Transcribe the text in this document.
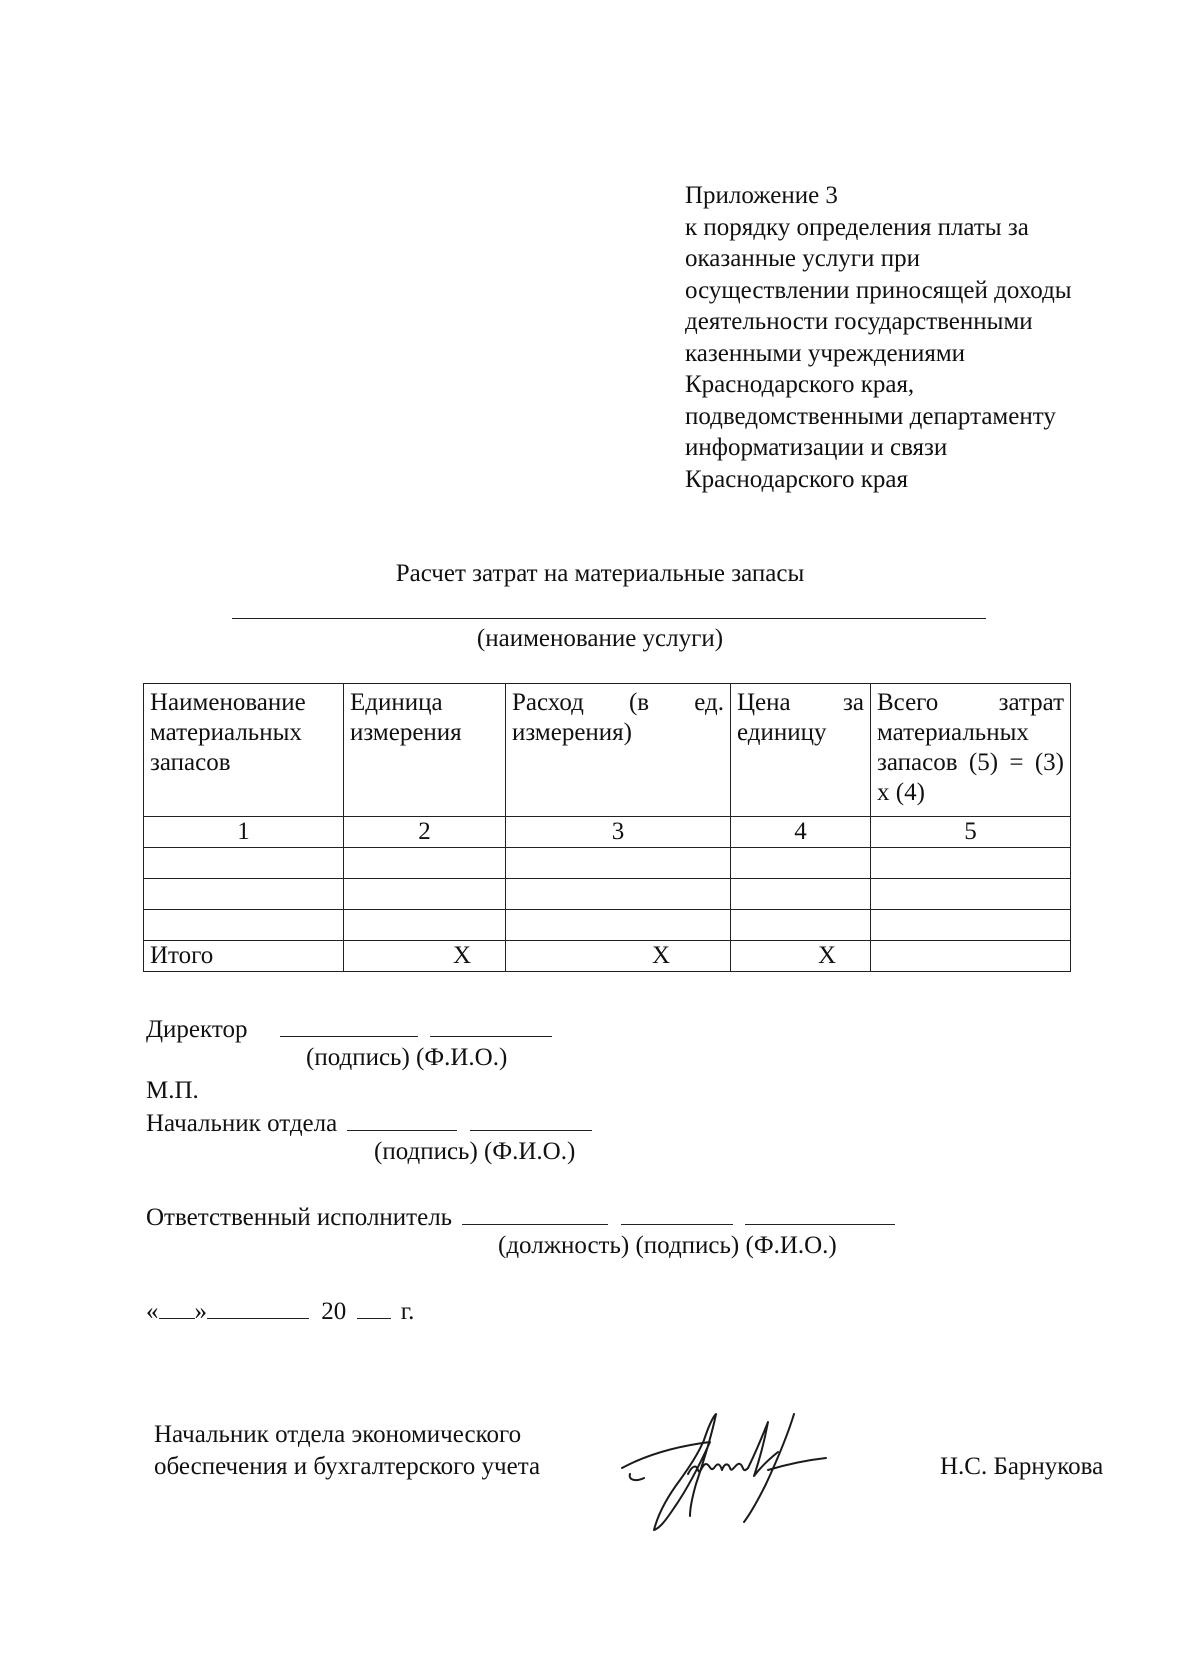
Приложение 3
к порядку определения платы за
оказанные услуги при
осуществлении приносящей доходы
деятельности государственными
казенными учреждениями
Краснодарского края,
подведомственными департаменту
информатизации и связи
Краснодарского края
Расчет затрат на материальные запасы
(наименование услуги)
Наименование материальных запасов	Единица измерения	Расход (в ед. измерения)	Цена за единицу	Всего затрат материальных запасов (5) = (3) х (4)
1	2	3	4	5

Итого	X	X	X	
Директор
(подпись) (Ф.И.О.)
М.П.
Начальник отдела
(подпись) (Ф.И.О.)
Ответственный исполнитель
(должность) (подпись) (Ф.И.О.)
« »	20 г.
Начальник отдела экономического
обеспечения и бухгалтерского учета	Н.С. Барнукова
